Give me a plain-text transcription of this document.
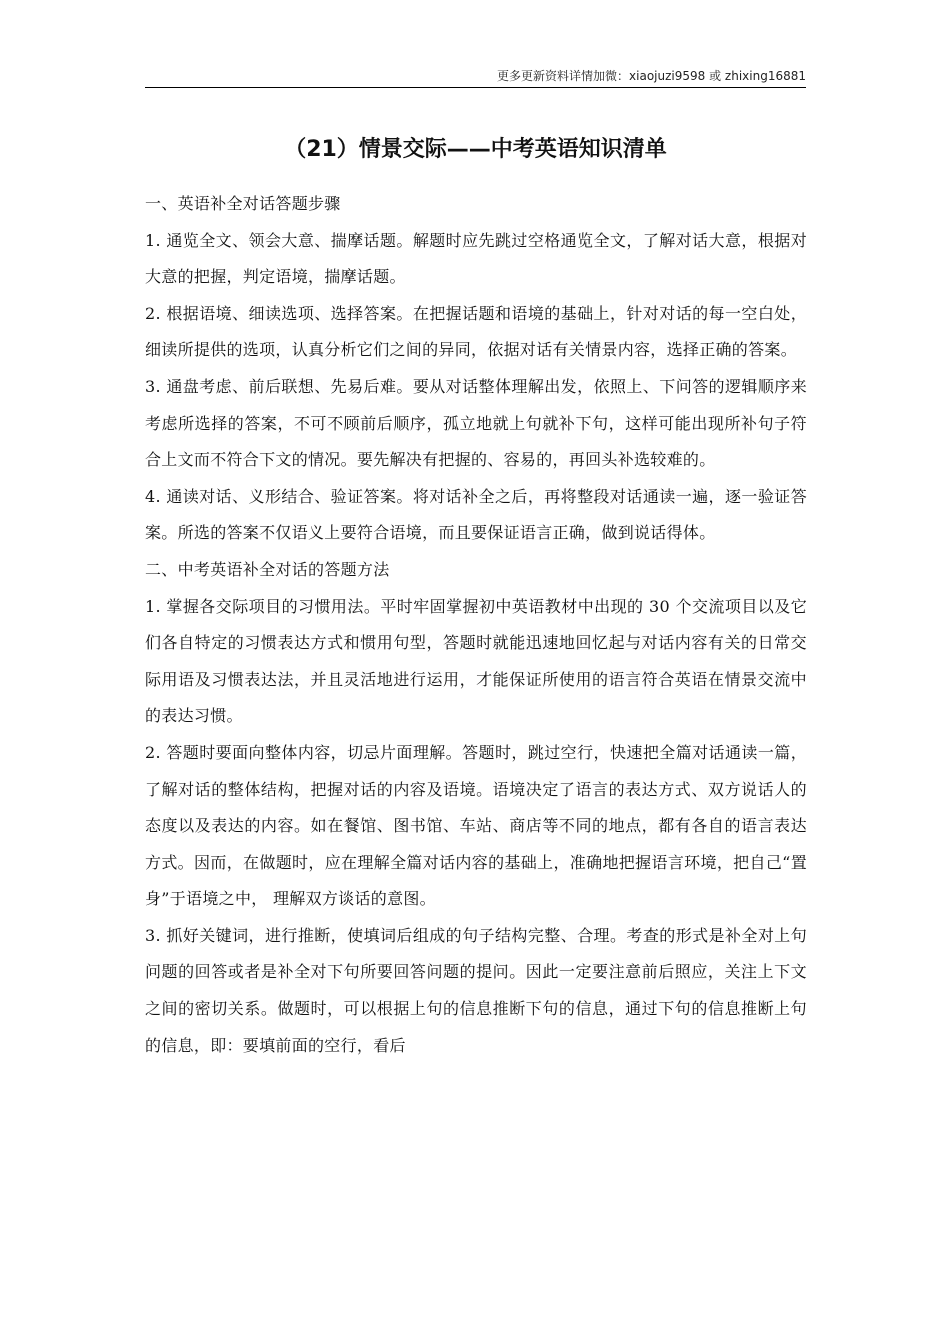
更多更新资料详情加微：xiaojuzi9598 或 zhixing16881
（21）情景交际——中考英语知识清单

一、英语补全对话答题步骤

1. 通览全文、领会大意、揣摩话题。解题时应先跳过空格通览全文，了解对话大意，根据对大意的把握，判定语境，揣摩话题。

2. 根据语境、细读选项、选择答案。在把握话题和语境的基础上，针对对话的每一空白处，细读所提供的选项，认真分析它们之间的异同，依据对话有关情景内容，选择正确的答案。

3. 通盘考虑、前后联想、先易后难。要从对话整体理解出发，依照上、下问答的逻辑顺序来考虑所选择的答案，不可不顾前后顺序，孤立地就上句就补下句，这样可能出现所补句子符合上文而不符合下文的情况。要先解决有把握的、容易的，再回头补选较难的。

4. 通读对话、义形结合、验证答案。将对话补全之后，再将整段对话通读一遍，逐一验证答案。所选的答案不仅语义上要符合语境，而且要保证语言正确，做到说话得体。

二、中考英语补全对话的答题方法

1. 掌握各交际项目的习惯用法。平时牢固掌握初中英语教材中出现的 30 个交流项目以及它们各自特定的习惯表达方式和惯用句型，答题时就能迅速地回忆起与对话内容有关的日常交际用语及习惯表达法，并且灵活地进行运用，才能保证所使用的语言符合英语在情景交流中的表达习惯。

2. 答题时要面向整体内容，切忌片面理解。答题时，跳过空行，快速把全篇对话通读一篇，了解对话的整体结构，把握对话的内容及语境。语境决定了语言的表达方式、双方说话人的态度以及表达的内容。如在餐馆、图书馆、车站、商店等不同的地点，都有各自的语言表达方式。因而，在做题时，应在理解全篇对话内容的基础上，准确地把握语言环境，把自己“置身”于语境之中， 理解双方谈话的意图。

3. 抓好关键词，进行推断，使填词后组成的句子结构完整、合理。考查的形式是补全对上句问题的回答或者是补全对下句所要回答问题的提问。因此一定要注意前后照应，关注上下文之间的密切关系。做题时，可以根据上句的信息推断下句的信息，通过下句的信息推断上句的信息，即：要填前面的空行，看后
